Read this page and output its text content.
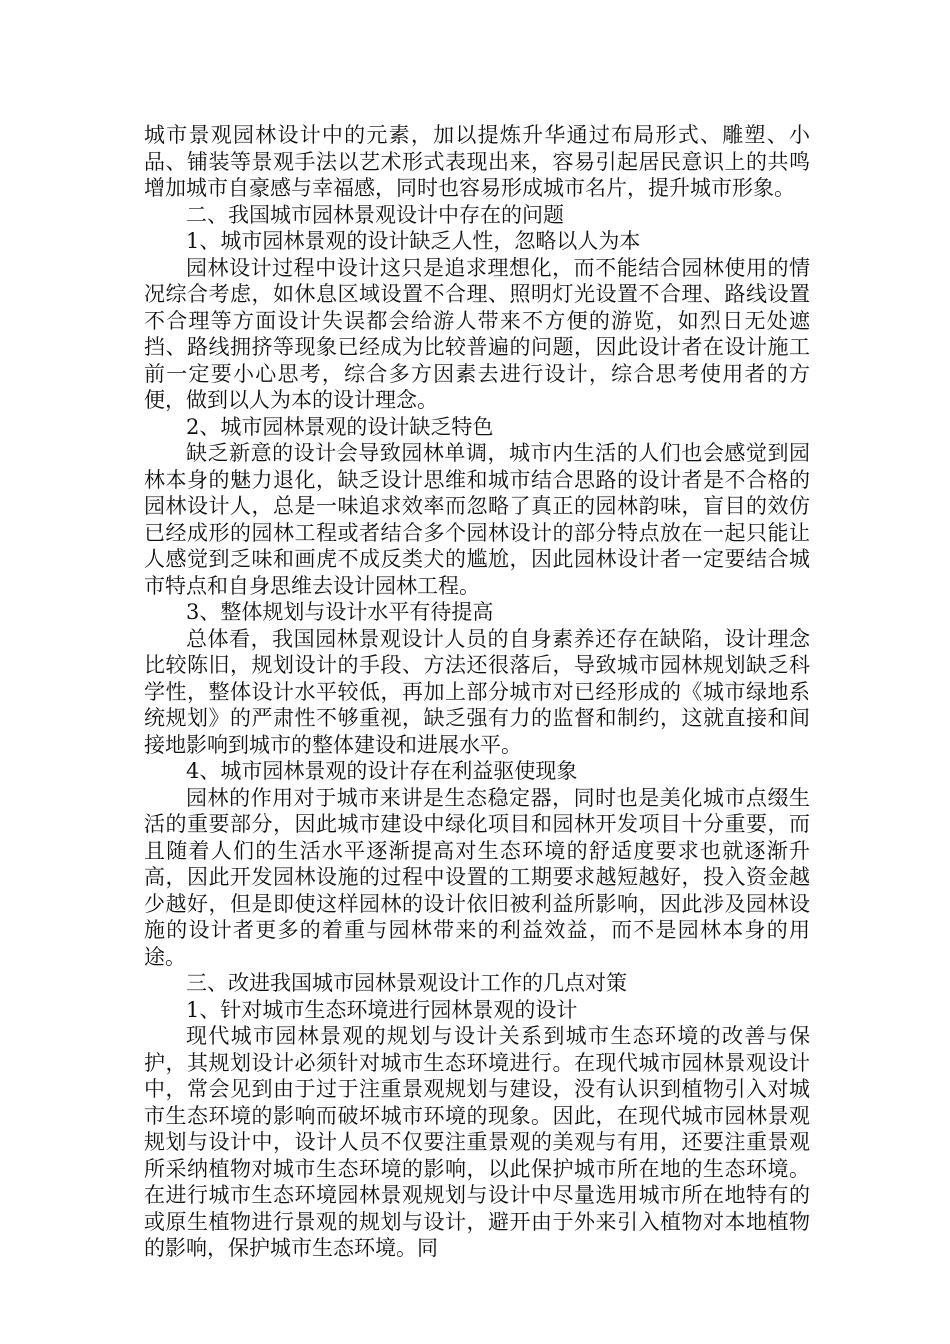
城市景观园林设计中的元素，加以提炼升华通过布局形式、雕塑、小品、铺装等景观手法以艺术形式表现出来，容易引起居民意识上的共鸣增加城市自豪感与幸福感，同时也容易形成城市名片，提升城市形象。

二、我国城市园林景观设计中存在的问题

1、城市园林景观的设计缺乏人性，忽略以人为本

园林设计过程中设计这只是追求理想化，而不能结合园林使用的情况综合考虑，如休息区域设置不合理、照明灯光设置不合理、路线设置不合理等方面设计失误都会给游人带来不方便的游览，如烈日无处遮挡、路线拥挤等现象已经成为比较普遍的问题，因此设计者在设计施工前一定要小心思考，综合多方因素去进行设计，综合思考使用者的方便，做到以人为本的设计理念。

2、城市园林景观的设计缺乏特色

缺乏新意的设计会导致园林单调，城市内生活的人们也会感觉到园林本身的魅力退化，缺乏设计思维和城市结合思路的设计者是不合格的园林设计人，总是一味追求效率而忽略了真正的园林韵味，盲目的效仿已经成形的园林工程或者结合多个园林设计的部分特点放在一起只能让人感觉到乏味和画虎不成反类犬的尴尬，因此园林设计者一定要结合城市特点和自身思维去设计园林工程。

3、整体规划与设计水平有待提高

总体看，我国园林景观设计人员的自身素养还存在缺陷，设计理念比较陈旧，规划设计的手段、方法还很落后，导致城市园林规划缺乏科学性，整体设计水平较低，再加上部分城市对已经形成的《城市绿地系统规划》的严肃性不够重视，缺乏强有力的监督和制约，这就直接和间接地影响到城市的整体建设和进展水平。

4、城市园林景观的设计存在利益驱使现象

园林的作用对于城市来讲是生态稳定器，同时也是美化城市点缀生活的重要部分，因此城市建设中绿化项目和园林开发项目十分重要，而且随着人们的生活水平逐渐提高对生态环境的舒适度要求也就逐渐升高，因此开发园林设施的过程中设置的工期要求越短越好，投入资金越少越好，但是即使这样园林的设计依旧被利益所影响，因此涉及园林设施的设计者更多的着重与园林带来的利益效益，而不是园林本身的用途。

三、改进我国城市园林景观设计工作的几点对策

1、针对城市生态环境进行园林景观的设计

现代城市园林景观的规划与设计关系到城市生态环境的改善与保护，其规划设计必须针对城市生态环境进行。在现代城市园林景观设计中，常会见到由于过于注重景观规划与建设，没有认识到植物引入对城市生态环境的影响而破坏城市环境的现象。因此，在现代城市园林景观规划与设计中，设计人员不仅要注重景观的美观与有用，还要注重景观所采纳植物对城市生态环境的影响，以此保护城市所在地的生态环境。在进行城市生态环境园林景观规划与设计中尽量选用城市所在地特有的或原生植物进行景观的规划与设计，避开由于外来引入植物对本地植物的影响，保护城市生态环境。同
